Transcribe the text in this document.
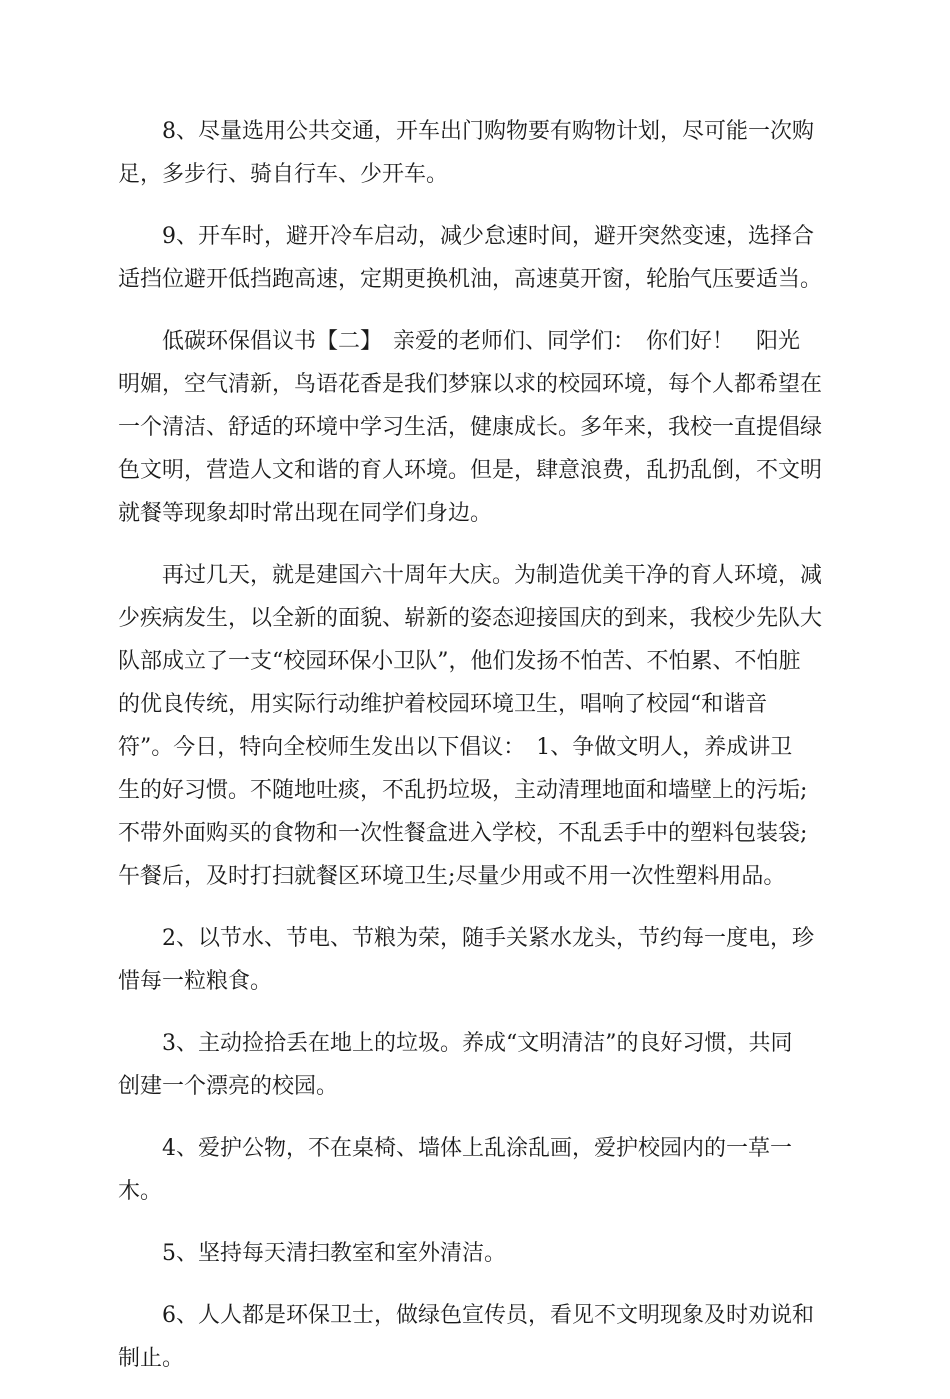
8、尽量选用公共交通，开车出门购物要有购物计划，尽可能一次购
足，多步行、骑自行车、少开车。

9、开车时，避开冷车启动，减少怠速时间，避开突然变速，选择合
适挡位避开低挡跑高速，定期更换机油，高速莫开窗，轮胎气压要适当。

低碳环保倡议书【二】　亲爱的老师们、同学们：　你们好！　阳光
明媚，空气清新，鸟语花香是我们梦寐以求的校园环境，每个人都希望在
一个清洁、舒适的环境中学习生活，健康成长。多年来，我校一直提倡绿
色文明，营造人文和谐的育人环境。但是，肆意浪费，乱扔乱倒，不文明
就餐等现象却时常出现在同学们身边。

再过几天，就是建国六十周年大庆。为制造优美干净的育人环境，减
少疾病发生，以全新的面貌、崭新的姿态迎接国庆的到来，我校少先队大
队部成立了一支“校园环保小卫队”，他们发扬不怕苦、不怕累、不怕脏
的优良传统，用实际行动维护着校园环境卫生，唱响了校园“和谐音
符”。今日，特向全校师生发出以下倡议：　1、争做文明人，养成讲卫
生的好习惯。不随地吐痰，不乱扔垃圾，主动清理地面和墙壁上的污垢;
不带外面购买的食物和一次性餐盒进入学校，不乱丢手中的塑料包装袋;
午餐后，及时打扫就餐区环境卫生;尽量少用或不用一次性塑料用品。

2、以节水、节电、节粮为荣，随手关紧水龙头，节约每一度电，珍
惜每一粒粮食。

3、主动捡拾丢在地上的垃圾。养成“文明清洁”的良好习惯，共同
创建一个漂亮的校园。

4、爱护公物，不在桌椅、墙体上乱涂乱画，爱护校园内的一草一
木。

5、坚持每天清扫教室和室外清洁。

6、人人都是环保卫士，做绿色宣传员，看见不文明现象及时劝说和
制止。
